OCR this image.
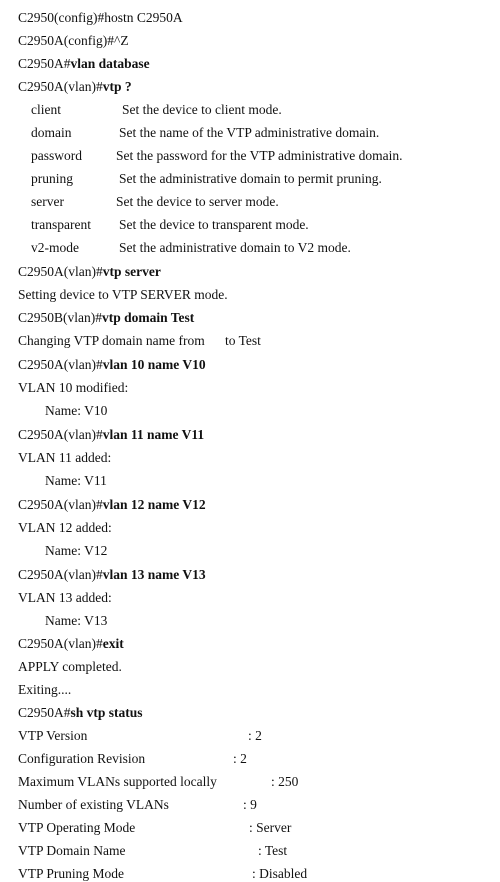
C2950(config)#hostn C2950A
C2950A(config)#^Z
C2950A#vlan database
C2950A(vlan)#vtp ?
client	Set the device to client mode.
domain	Set the name of the VTP administrative domain.
password	Set the password for the VTP administrative domain.
pruning	Set the administrative domain to permit pruning.
server	Set the device to server mode.
transparent Set the device to transparent mode.
v2-mode	Set the administrative domain to V2 mode.
C2950A(vlan)#vtp server
Setting device to VTP SERVER mode.
C2950B(vlan)#vtp domain Test
Changing VTP domain name from to Test
C2950A(vlan)#vlan 10 name V10
VLAN 10 modified:
Name: V10
C2950A(vlan)#vlan 11 name V11
VLAN 11 added:
Name: V11
C2950A(vlan)#vlan 12 name V12
VLAN 12 added:
Name: V12
C2950A(vlan)#vlan 13 name V13
VLAN 13 added:
Name: V13
C2950A(vlan)#exit
APPLY completed.
Exiting....
C2950A#sh vtp status
VTP Version	: 2
Configuration Revision	: 2
Maximum VLANs supported locally	: 250
Number of existing VLANs	: 9
VTP Operating Mode	: Server
VTP Domain Name	: Test
VTP Pruning Mode	: Disabled
